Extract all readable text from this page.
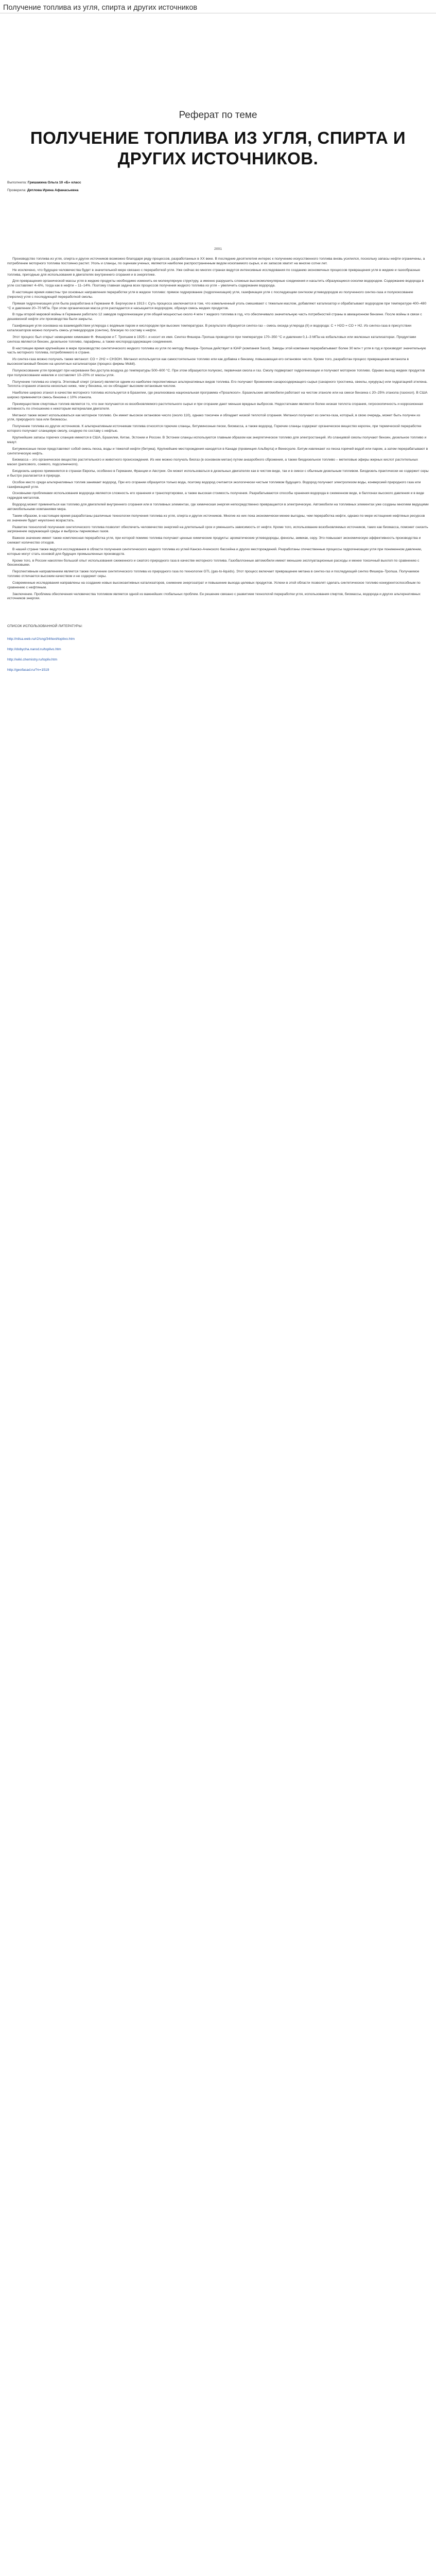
Получение топлива из угля, спирта и других источников
Реферат по теме
ПОЛУЧЕНИЕ ТОПЛИВА ИЗ УГЛЯ, СПИРТА И ДРУГИХ ИСТОЧНИКОВ.
Выполнила: Гришакина Ольга 10 «Б» класс
Проверила: Дятлова Ирина Афанасьевна
2001

Производство топлива из угля, спирта и других источников возможно благодаря ряду процессов, разработанных в XX веке. В последние десятилетия интерес к получению искусственного топлива вновь усилился, поскольку запасы нефти ограничены, а потребление моторного топлива постоянно растет. Уголь и сланцы, по оценкам ученых, являются наиболее распространенным видом ископаемого сырья, и их запасов хватит на многие сотни лет.

Не исключено, что будущее человечества будет в значительной мере связано с переработкой угля. Уже сейчас во многих странах ведутся интенсивные исследования по созданию экономичных процессов превращения угля в жидкие и газообразные топлива, пригодные для использования в двигателях внутреннего сгорания и в энергетике.

Для превращения органической массы угля в жидкие продукты необходимо изменить ее молекулярную структуру, а именно разрушить сложные высокомолекулярные соединения и насытить образующиеся осколки водородом. Содержание водорода в угле составляет 4–6%, тогда как в нефти – 11–14%. Поэтому главная задача всех процессов получения жидкого топлива из угля – увеличить содержание водорода.

В настоящее время известны три основных направления переработки угля в жидкое топливо: прямое гидрирование (гидрогенизация) угля, газификация угля с последующим синтезом углеводородов из полученного синтез-газа и полукоксование (пиролиз) угля с последующей переработкой смолы.

Прямая гидрогенизация угля была разработана в Германии Ф. Бергиусом в 1913 г. Суть процесса заключается в том, что измельченный уголь смешивают с тяжелым маслом, добавляют катализатор и обрабатывают водородом при температуре 400–480 °С и давлении 20–70 МПа. При этом органическая масса угля распадается и насыщается водородом, образуя смесь жидких продуктов.

В годы второй мировой войны в Германии работало 12 заводов гидрогенизации угля общей мощностью около 4 млн т жидкого топлива в год, что обеспечивало значительную часть потребностей страны в авиационном бензине. После войны в связи с дешевизной нефти эти производства были закрыты.

Газификация угля основана на взаимодействии углерода с водяным паром и кислородом при высоких температурах. В результате образуется синтез-газ – смесь оксида углерода (II) и водорода: С + Н2О = СО + Н2. Из синтез-газа в присутствии катализаторов можно получить смесь углеводородов (синтин), близкую по составу к нефти.

Этот процесс был открыт немецкими химиками Ф. Фишером и Г. Тропшем в 1925 г. и носит их имя. Синтез Фишера–Тропша проводится при температуре 170–350 °С и давлении 0,1–3 МПа на кобальтовых или железных катализаторах. Продуктами синтеза являются бензин, дизельное топливо, парафины, а также кислородсодержащие соединения.

В настоящее время крупнейшее в мире производство синтетического жидкого топлива из угля по методу Фишера–Тропша действует в ЮАР (компания Sasol). Заводы этой компании перерабатывают более 30 млн т угля в год и производят значительную часть моторного топлива, потребляемого в стране.

Из синтез-газа можно получать также метанол: СО + 2Н2 = СН3ОН. Метанол используется как самостоятельное топливо или как добавка к бензину, повышающая его октановое число. Кроме того, разработан процесс превращения метанола в высокооктановый бензин на цеолитных катализаторах (процесс фирмы Mobil).

Полукоксование угля проводят при нагревании без доступа воздуха до температуры 500–600 °С. При этом образуются полукокс, первичная смола и газ. Смолу подвергают гидрогенизации и получают моторное топливо. Однако выход жидких продуктов при полукоксовании невелик и составляет 10–20% от массы угля.

Получение топлива из спирта. Этиловый спирт (этанол) является одним из наиболее перспективных альтернативных видов топлива. Его получают брожением сахаросодержащего сырья (сахарного тростника, свеклы, кукурузы) или гидратацией этилена. Теплота сгорания этанола несколько ниже, чем у бензина, но он обладает высоким октановым числом.

Наиболее широко этанол в качестве моторного топлива используется в Бразилии, где реализована национальная программа «Проалкоол». Бразильские автомобили работают на чистом этаноле или на смеси бензина с 20–25% этанола (газохол). В США широко применяется смесь бензина с 10% этанола.

Преимуществом спиртовых топлив является то, что они получаются из возобновляемого растительного сырья и при сгорании дают меньше вредных выбросов. Недостатками являются более низкая теплота сгорания, гигроскопичность и коррозионная активность по отношению к некоторым материалам двигателя.

Метанол также может использоваться как моторное топливо. Он имеет высокое октановое число (около 110), однако токсичен и обладает низкой теплотой сгорания. Метанол получают из синтез-газа, который, в свою очередь, может быть получен из угля, природного газа или биомассы.

Получение топлива из других источников. К альтернативным источникам топлива относятся горючие сланцы, битуминозные пески, биомасса, а также водород. Горючие сланцы содержат органическое вещество кероген, при термической переработке которого получают сланцевую смолу, сходную по составу с нефтью.

Крупнейшие запасы горючих сланцев имеются в США, Бразилии, Китае, Эстонии и России. В Эстонии сланцы используются главным образом как энергетическое топливо для электростанций. Из сланцевой смолы получают бензин, дизельное топливо и мазут.

Битуминозные пески представляют собой смесь песка, воды и тяжелой нефти (битума). Крупнейшие месторождения находятся в Канаде (провинция Альберта) и Венесуэле. Битум извлекают из песка горячей водой или паром, а затем перерабатывают в синтетическую нефть.

Биомасса – это органическое вещество растительного и животного происхождения. Из нее можно получать биогаз (в основном метан) путем анаэробного сброжения, а также биодизельное топливо – метиловые эфиры жирных кислот растительных масел (рапсового, соевого, подсолнечного).

Биодизель широко применяется в странах Европы, особенно в Германии, Франции и Австрии. Он может использоваться в дизельных двигателях как в чистом виде, так и в смеси с обычным дизельным топливом. Биодизель практически не содержит серы и быстро разлагается в природе.

Особое место среди альтернативных топлив занимает водород. При его сгорании образуется только вода, поэтому водород считается экологически чистым топливом будущего. Водород получают электролизом воды, конверсией природного газа или газификацией угля.

Основными проблемами использования водорода являются сложность его хранения и транспортировки, а также высокая стоимость получения. Разрабатываются способы хранения водорода в сжиженном виде, в баллонах высокого давления и в виде гидридов металлов.

Водород может применяться как топливо для двигателей внутреннего сгорания или в топливных элементах, где химическая энергия непосредственно превращается в электрическую. Автомобили на топливных элементах уже созданы многими ведущими автомобильными компаниями мира.

Таким образом, в настоящее время разработаны различные технологии получения топлива из угля, спирта и других источников. Многие из них пока экономически менее выгодны, чем переработка нефти, однако по мере истощения нефтяных ресурсов их значение будет неуклонно возрастать.

Развитие технологий получения синтетического топлива позволит обеспечить человечество энергией на длительный срок и уменьшить зависимость от нефти. Кроме того, использование возобновляемых источников, таких как биомасса, поможет снизить загрязнение окружающей среды и выбросы парниковых газов.

Важное значение имеет также комплексная переработка угля, при которой помимо топлива получают ценные химические продукты: ароматические углеводороды, фенолы, аммиак, серу. Это повышает экономическую эффективность производства и снижает количество отходов.

В нашей стране также ведутся исследования в области получения синтетического жидкого топлива из углей Канско-Ачинского бассейна и других месторождений. Разработаны отечественные процессы гидрогенизации угля при пониженном давлении, которые могут стать основой для будущих промышленных производств.

Кроме того, в России накоплен большой опыт использования сжиженного и сжатого природного газа в качестве моторного топлива. Газобаллонные автомобили имеют меньшие эксплуатационные расходы и менее токсичный выхлоп по сравнению с бензиновыми.

Перспективным направлением является также получение синтетического топлива из природного газа по технологии GTL (gas-to-liquids). Этот процесс включает превращение метана в синтез-газ и последующий синтез Фишера–Тропша. Получаемое топливо отличается высоким качеством и не содержит серы.

Современные исследования направлены на создание новых высокоактивных катализаторов, снижение энергозатрат и повышение выхода целевых продуктов. Успехи в этой области позволят сделать синтетическое топливо конкурентоспособным по сравнению с нефтяным.

Заключение. Проблема обеспечения человечества топливом является одной из важнейших глобальных проблем. Ее решение связано с развитием технологий переработки угля, использования спиртов, биомассы, водорода и других альтернативных источников энергии.

СПИСОК ИСПОЛЬЗОВАННОЙ ЛИТЕРАТУРЫ:
http://nilsa.web.ru/r2/sng/34/text/toplivo.htm
http://dobycha.narod.ru/toplivo.htm
http://wiki.chemistry.ru/topliv.htm
http://geofasad.ru/?n=1519
